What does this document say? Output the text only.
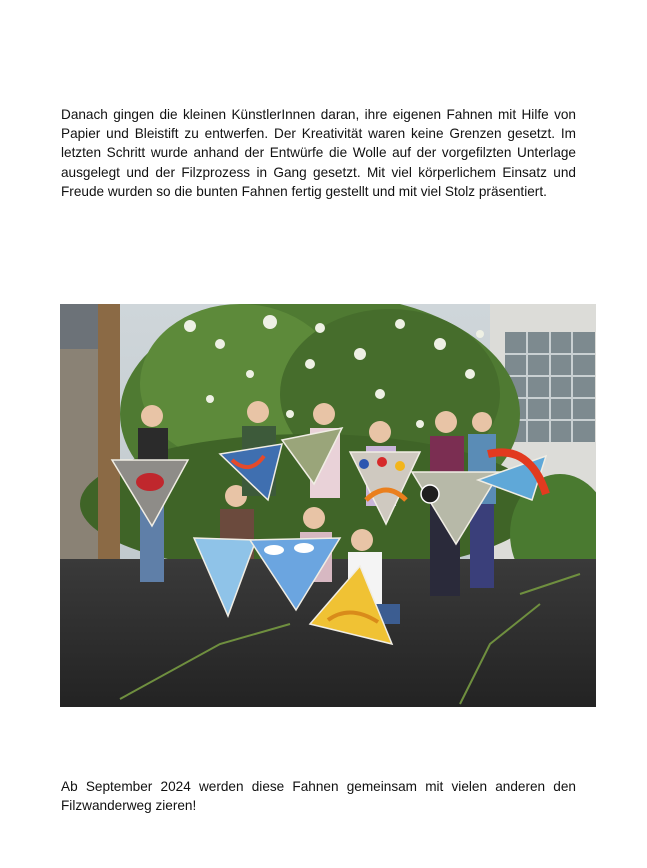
Danach gingen die kleinen KünstlerInnen daran, ihre eigenen Fahnen mit Hilfe von Papier und Bleistift zu entwerfen. Der Kreativität waren keine Grenzen gesetzt. Im letzten Schritt wurde anhand der Entwürfe die Wolle auf der vorgefilzten Unterlage ausgelegt und der Filzprozess in Gang gesetzt. Mit viel körperlichem Einsatz und Freude wurden so die bunten Fahnen fertig gestellt und mit viel Stolz präsentiert.

Ab September 2024 werden diese Fahnen gemeinsam mit vielen anderen den Filzwanderweg zieren!
